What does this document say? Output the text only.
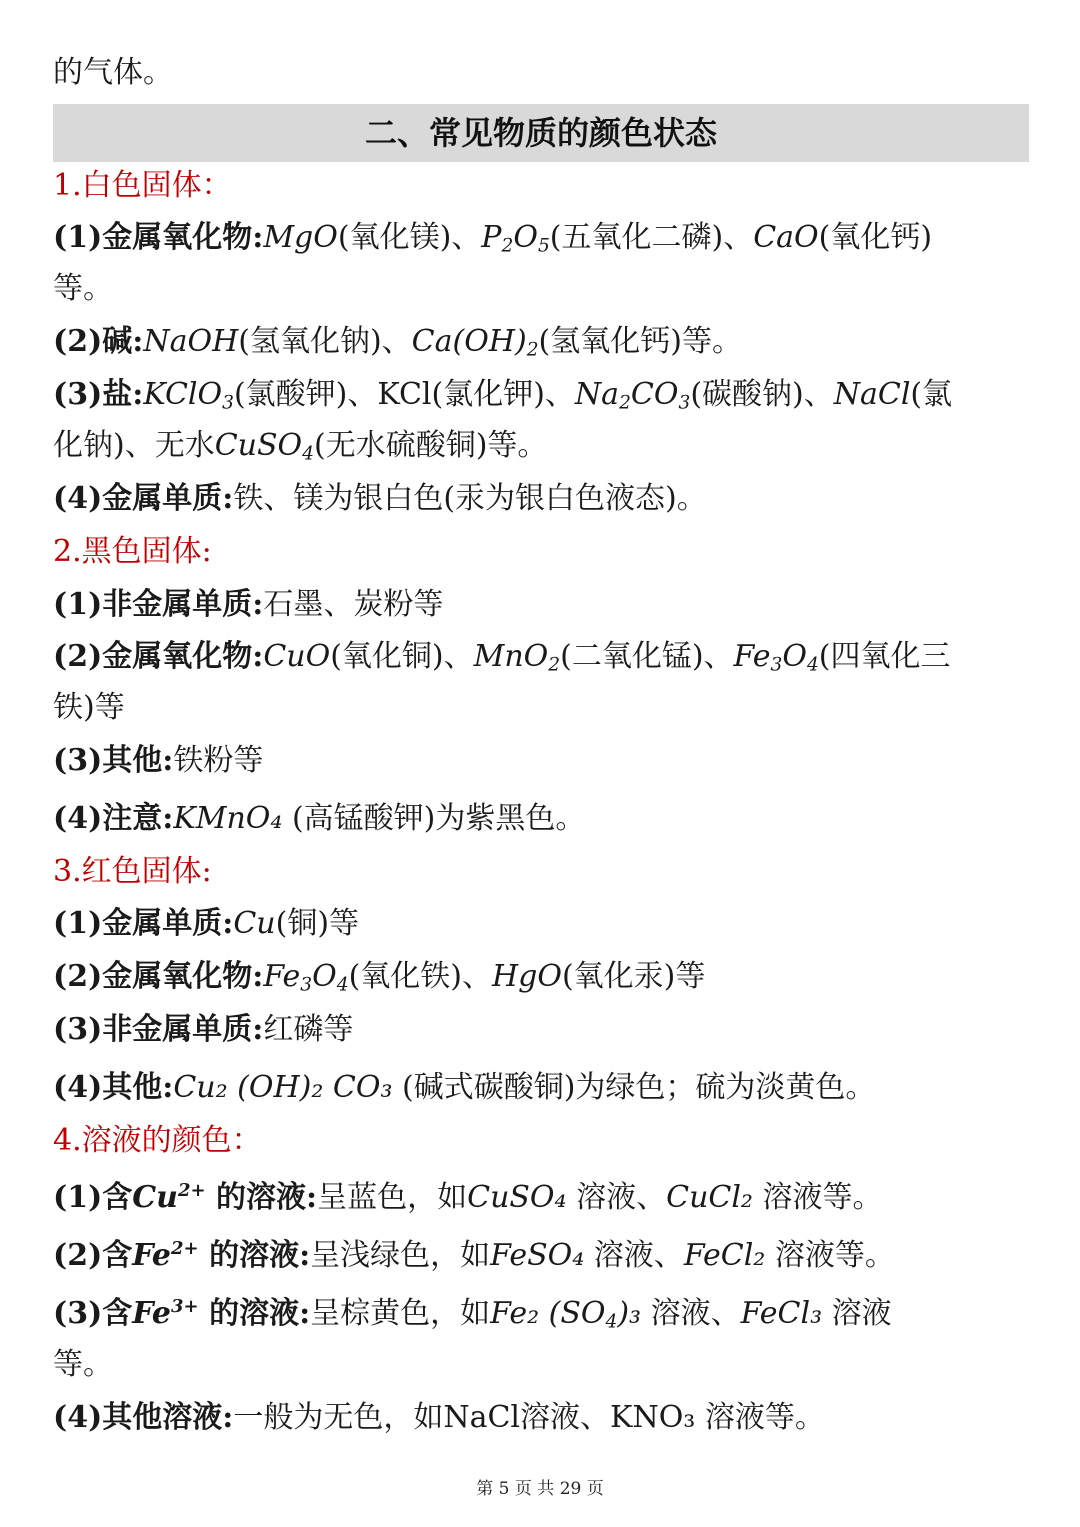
的气体。
二、常见物质的颜色状态
1.白色固体：
(1)金属氧化物:MgO(氧化镁)、$P_2O_5$(五氧化二磷)、CaO(氧化钙)
等。
(2)碱:NaOH(氢氧化钠)、$Ca(OH)_2$(氢氧化钙)等。
(3)盐:KClO$_3$(氯酸钾)、KCl(氯化钾)、$Na_2CO_3$(碳酸钠)、NaCl(氯
化钠)、无水CuSO$_4$(无水硫酸铜)等。
(4)金属单质:铁、镁为银白色(汞为银白色液态)。
2.黑色固体:
(1)非金属单质:石墨、炭粉等
(2)金属氧化物:CuO(氧化铜)、MnO$_2$(二氧化锰)、$Fe_3O_4$(四氧化三
铁)等
(3)其他:铁粉等
(4)注意:KMnO₄ (高锰酸钾)为紫黑色。
3.红色固体:
(1)金属单质:Cu(铜)等
(2)金属氧化物$:Fe_3O_4$(氧化铁)、HgO(氧化汞)等
(3)非金属单质:红磷等
(4)其他:Cu₂ (OH)₂ CO₃ (碱式碳酸铜)为绿色；硫为淡黄色。
4.溶液的颜色：
(1)含$Cu^{2+}$ 的溶液:呈蓝色，如CuSO₄ 溶液、CuCl₂ 溶液等。
(2)含$Fe^{2+}$ 的溶液:呈浅绿色，如FeSO₄ 溶液、FeCl₂ 溶液等。
(3)含$Fe^{3+}$ 的溶液:呈棕黄色，如Fe₂ $(SO_4)_3$ 溶液、FeCl₃ 溶液
等。
(4)其他溶液:一般为无色，如NaCl溶液、KNO₃ 溶液等。
第 5 页 共 29 页
